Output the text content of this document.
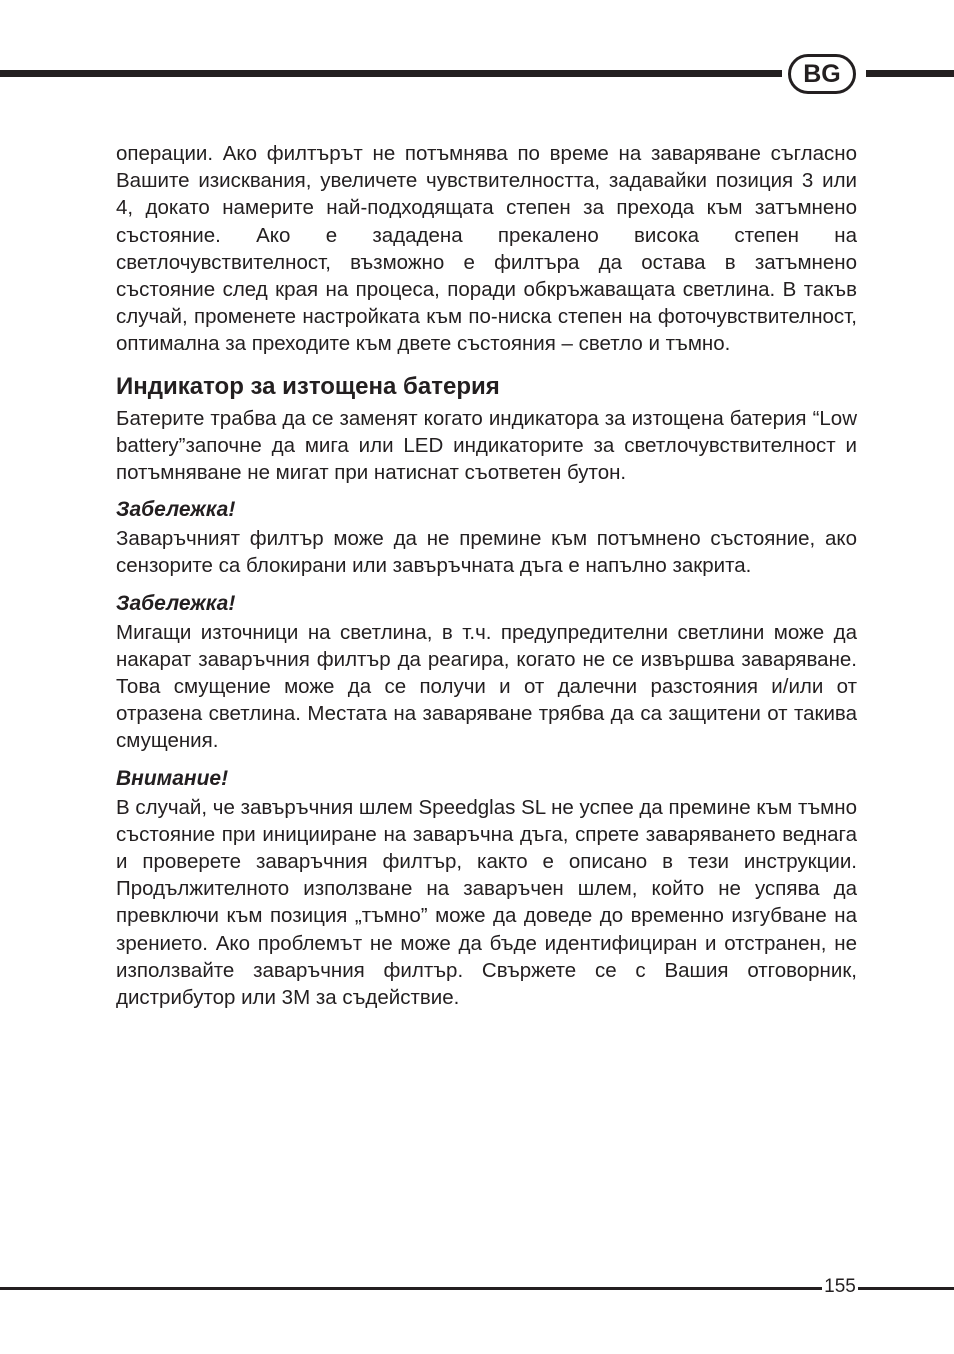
BG

операции. Ако филтърът не потъмнява по време на заваряване съгласно Вашите изисквания, увеличете чувствителността, задавайки позиция 3 или 4, докато намерите най-подходящата степен за прехода към затъмнено състояние. Ако е зададена прекалено висока степен на светлочувствителност, възможно е филтъра да остава в затъмнено състояние след края на процеса, поради обкръжаващата светлина. В такъв случай, променете настройката към по-ниска степен на фоточувствителност, оптимална за преходите към двете състояния – светло и тъмно.

Индикатор за изтощена батерия

Батерите трабва да се заменят когато индикатора за изтощена батерия “Low battery”започне да мига или LED индикаторите за светлочувствителност и потъмняване не мигат при натиснат съответен бутон.

Забележка!

Заваръчният филтър може да не премине към потъмнено състояние, ако сензорите са блокирани или завъръчната дъга е напълно закрита.

Забележка!

Мигащи източници на светлина, в т.ч. предупредителни светлини може да накарат заваръчния филтър да реагира, когато не се извършва заваряване. Това смущение може да се получи и от далечни разстояния и/или от отразена светлина. Местата на заваряване трябва да са защитени от такива смущения.

Внимание!

В случай, че завъръчния шлем Speedglas SL не успее да премине към тъмно състояние при иницииране на заваръчна дъга, спрете заваряването веднага и проверете заваръчния филтър, както е описано в тези инструкции. Продължителното използване на заваръчен шлем, който не успява да превключи към позиция „тъмно” може да доведе до временно изгубване на зрението. Ако проблемът не може да бъде идентифициран и отстранен, не използвайте заваръчния филтър. Свържете се с Вашия отговорник, дистрибутор или 3M за съдействие.

155
